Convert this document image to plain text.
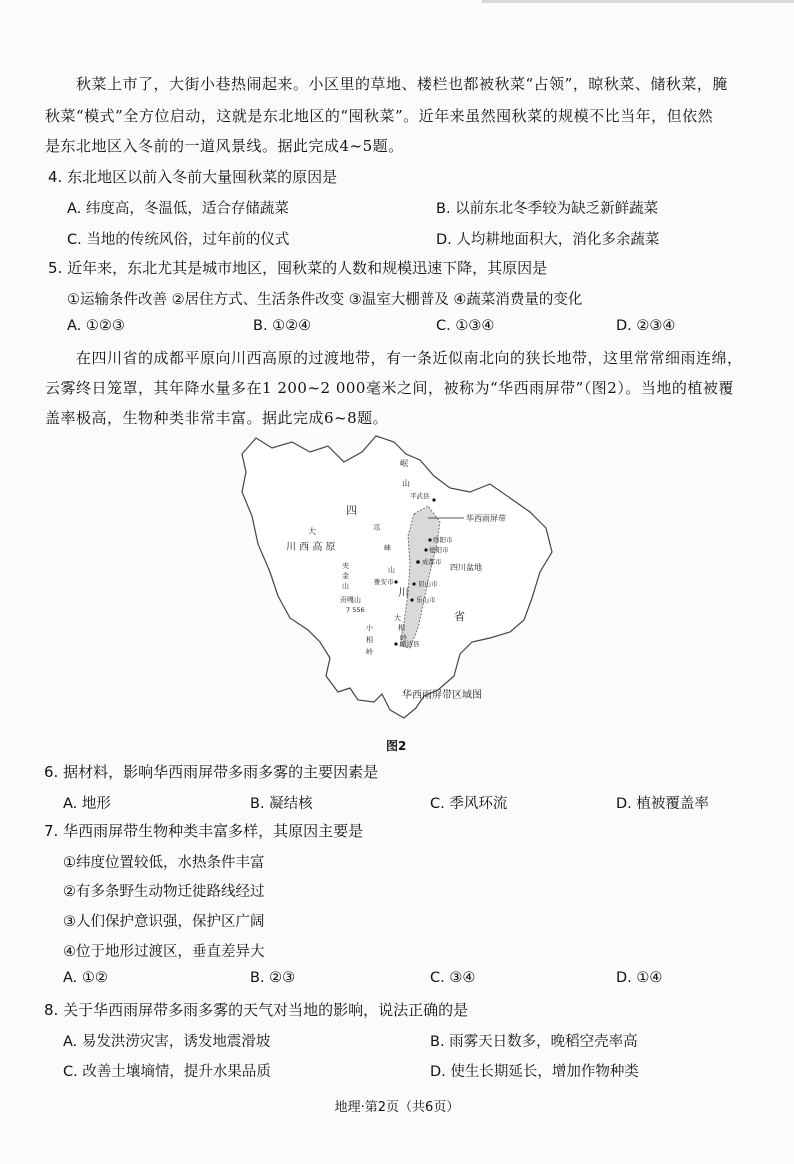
秋菜上市了，大街小巷热闹起来。小区里的草地、楼栏也都被秋菜“占领”，晾秋菜、储秋菜，腌
秋菜“模式”全方位启动，这就是东北地区的“囤秋菜”。近年来虽然囤秋菜的规模不比当年，但依然
是东北地区入冬前的一道风景线。据此完成4~5题。
4. 东北地区以前入冬前大量囤秋菜的原因是
A. 纬度高，冬温低，适合存储蔬菜	B. 以前东北冬季较为缺乏新鲜蔬菜
C. 当地的传统风俗，过年前的仪式	D. 人均耕地面积大，消化多余蔬菜
5. 近年来，东北尤其是城市地区，囤秋菜的人数和规模迅速下降，其原因是
①运输条件改善 ②居住方式、生活条件改变 ③温室大棚普及 ④蔬菜消费量的变化
A. ①②③	B. ①②④	C. ①③④	D. ②③④
在四川省的成都平原向川西高原的过渡地带，有一条近似南北向的狭长地带，这里常常细雨连绵，
云雾终日笼罩，其年降水量多在1 200~2 000毫米之间，被称为“华西雨屏带”（图2）。当地的植被覆
盖率极高，生物种类非常丰富。据此完成6~8题。
华西雨屏带
岷
山
四
川
省
大
川 西 高 原
邛
崃
山
夹
金
山
贡嘎山
7 556
小
相
岭
大
相
岭
四川盆地
平武县
绵阳市
德阳市
成都市
雅安市	眉山市
乐山市
峨边县
华西雨屏带区域图
图2
6. 据材料，影响华西雨屏带多雨多雾的主要因素是
A. 地形	B. 凝结核	C. 季风环流	D. 植被覆盖率
7. 华西雨屏带生物种类丰富多样，其原因主要是
①纬度位置较低，水热条件丰富
②有多条野生动物迁徙路线经过
③人们保护意识强，保护区广阔
④位于地形过渡区，垂直差异大
A. ①②	B. ②③	C. ③④	D. ①④
8. 关于华西雨屏带多雨多雾的天气对当地的影响，说法正确的是
A. 易发洪涝灾害，诱发地震滑坡	B. 雨雾天日数多，晚稻空壳率高
C. 改善土壤墒情，提升水果品质	D. 使生长期延长，增加作物种类
地理·第2页（共6页）
